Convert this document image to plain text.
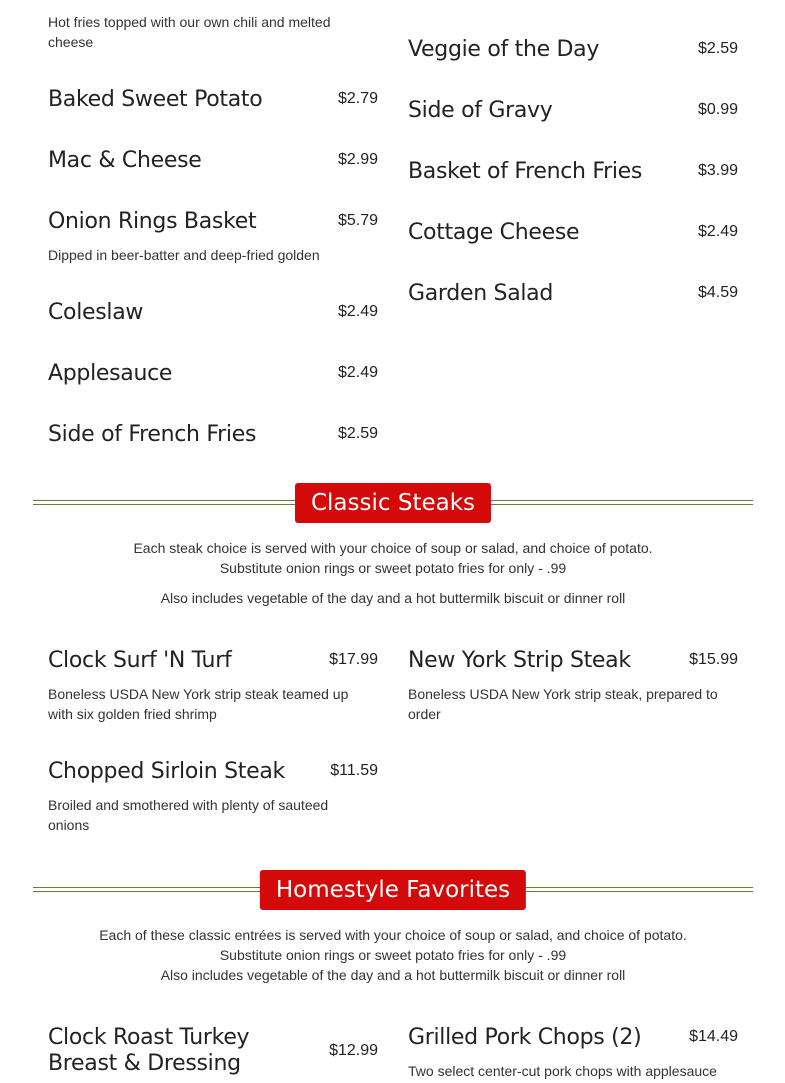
Hot fries topped with our own chili and melted cheese
Baked Sweet Potato	$2.79
Mac & Cheese	$2.99
Onion Rings Basket	$5.79
Dipped in beer-batter and deep-fried golden
Coleslaw	$2.49
Applesauce	$2.49
Side of French Fries	$2.59
Veggie of the Day	$2.59
Side of Gravy	$0.99
Basket of French Fries	$3.99
Cottage Cheese	$2.49
Garden Salad	$4.59
Classic Steaks
Each steak choice is served with your choice of soup or salad, and choice of potato.
Substitute onion rings or sweet potato fries for only - .99
Also includes vegetable of the day and a hot buttermilk biscuit or dinner roll
Clock Surf 'N Turf	$17.99
Boneless USDA New York strip steak teamed up with six golden fried shrimp
New York Strip Steak	$15.99
Boneless USDA New York strip steak, prepared to order
Chopped Sirloin Steak	$11.59
Broiled and smothered with plenty of sauteed onions
Homestyle Favorites
Each of these classic entrées is served with your choice of soup or salad, and choice of potato.
Substitute onion rings or sweet potato fries for only - .99
Also includes vegetable of the day and a hot buttermilk biscuit or dinner roll
Clock Roast Turkey Breast & Dressing
$12.99
Grilled Pork Chops (2)	$14.49
Two select center-cut pork chops with applesauce
